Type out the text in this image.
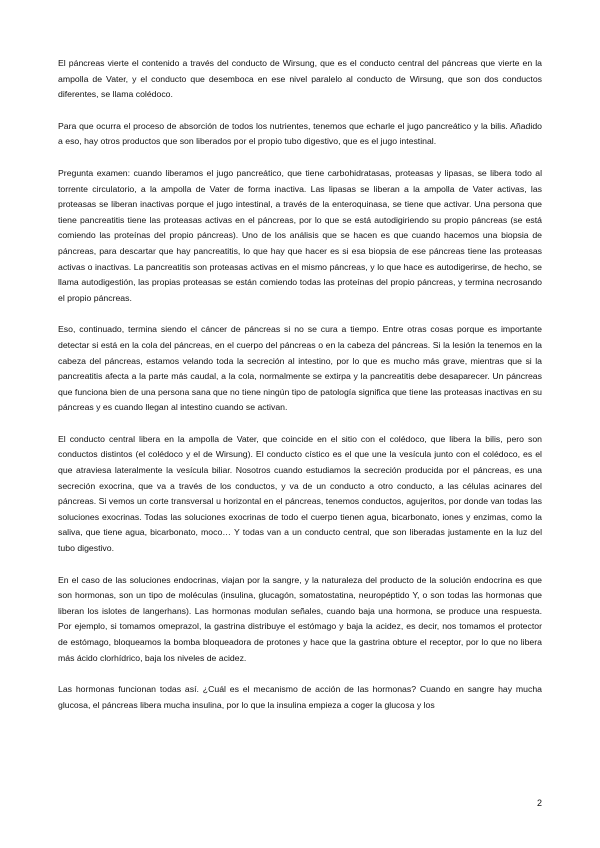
El páncreas vierte el contenido a través del conducto de Wirsung, que es el conducto central del páncreas que vierte en la ampolla de Vater, y el conducto que desemboca en ese nivel paralelo al conducto de Wirsung, que son dos conductos diferentes, se llama colédoco.

Para que ocurra el proceso de absorción de todos los nutrientes, tenemos que echarle el jugo pancreático y la bilis. Añadido a eso, hay otros productos que son liberados por el propio tubo digestivo, que es el jugo intestinal.

Pregunta examen: cuando liberamos el jugo pancreático, que tiene carbohidratasas, proteasas y lipasas, se libera todo al torrente circulatorio, a la ampolla de Vater de forma inactiva. Las lipasas se liberan a la ampolla de Vater activas, las proteasas se liberan inactivas porque el jugo intestinal, a través de la enteroquinasa, se tiene que activar. Una persona que tiene pancreatitis tiene las proteasas activas en el páncreas, por lo que se está autodigiriendo su propio páncreas (se está comiendo las proteínas del propio páncreas). Uno de los análisis que se hacen es que cuando hacemos una biopsia de páncreas, para descartar que hay pancreatitis, lo que hay que hacer es si esa biopsia de ese páncreas tiene las proteasas activas o inactivas. La pancreatitis son proteasas activas en el mismo páncreas, y lo que hace es autodigerirse, de hecho, se llama autodigestión, las propias proteasas se están comiendo todas las proteínas del propio páncreas, y termina necrosando el propio páncreas.

Eso, continuado, termina siendo el cáncer de páncreas si no se cura a tiempo. Entre otras cosas porque es importante detectar si está en la cola del páncreas, en el cuerpo del páncreas o en la cabeza del páncreas. Si la lesión la tenemos en la cabeza del páncreas, estamos velando toda la secreción al intestino, por lo que es mucho más grave, mientras que si la pancreatitis afecta a la parte más caudal, a la cola, normalmente se extirpa y la pancreatitis debe desaparecer. Un páncreas que funciona bien de una persona sana que no tiene ningún tipo de patología significa que tiene las proteasas inactivas en su páncreas y es cuando llegan al intestino cuando se activan.

El conducto central libera en la ampolla de Vater, que coincide en el sitio con el colédoco, que libera la bilis, pero son conductos distintos (el colédoco y el de Wirsung). El conducto cístico es el que une la vesícula junto con el colédoco, es el que atraviesa lateralmente la vesícula biliar. Nosotros cuando estudiamos la secreción producida por el páncreas, es una secreción exocrina, que va a través de los conductos, y va de un conducto a otro conducto, a las células acinares del páncreas. Si vemos un corte transversal u horizontal en el páncreas, tenemos conductos, agujeritos, por donde van todas las soluciones exocrinas. Todas las soluciones exocrinas de todo el cuerpo tienen agua, bicarbonato, iones y enzimas, como la saliva, que tiene agua, bicarbonato, moco… Y todas van a un conducto central, que son liberadas justamente en la luz del tubo digestivo.

En el caso de las soluciones endocrinas, viajan por la sangre, y la naturaleza del producto de la solución endocrina es que son hormonas, son un tipo de moléculas (insulina, glucagón, somatostatina, neuropéptido Y, o son todas las hormonas que liberan los islotes de langerhans). Las hormonas modulan señales, cuando baja una hormona, se produce una respuesta. Por ejemplo, si tomamos omeprazol, la gastrina distribuye el estómago y baja la acidez, es decir, nos tomamos el protector de estómago, bloqueamos la bomba bloqueadora de protones y hace que la gastrina obture el receptor, por lo que no libera más ácido clorhídrico, baja los niveles de acidez.

Las hormonas funcionan todas así. ¿Cuál es el mecanismo de acción de las hormonas? Cuando en sangre hay mucha glucosa, el páncreas libera mucha insulina, por lo que la insulina empieza a coger la glucosa y los

2
